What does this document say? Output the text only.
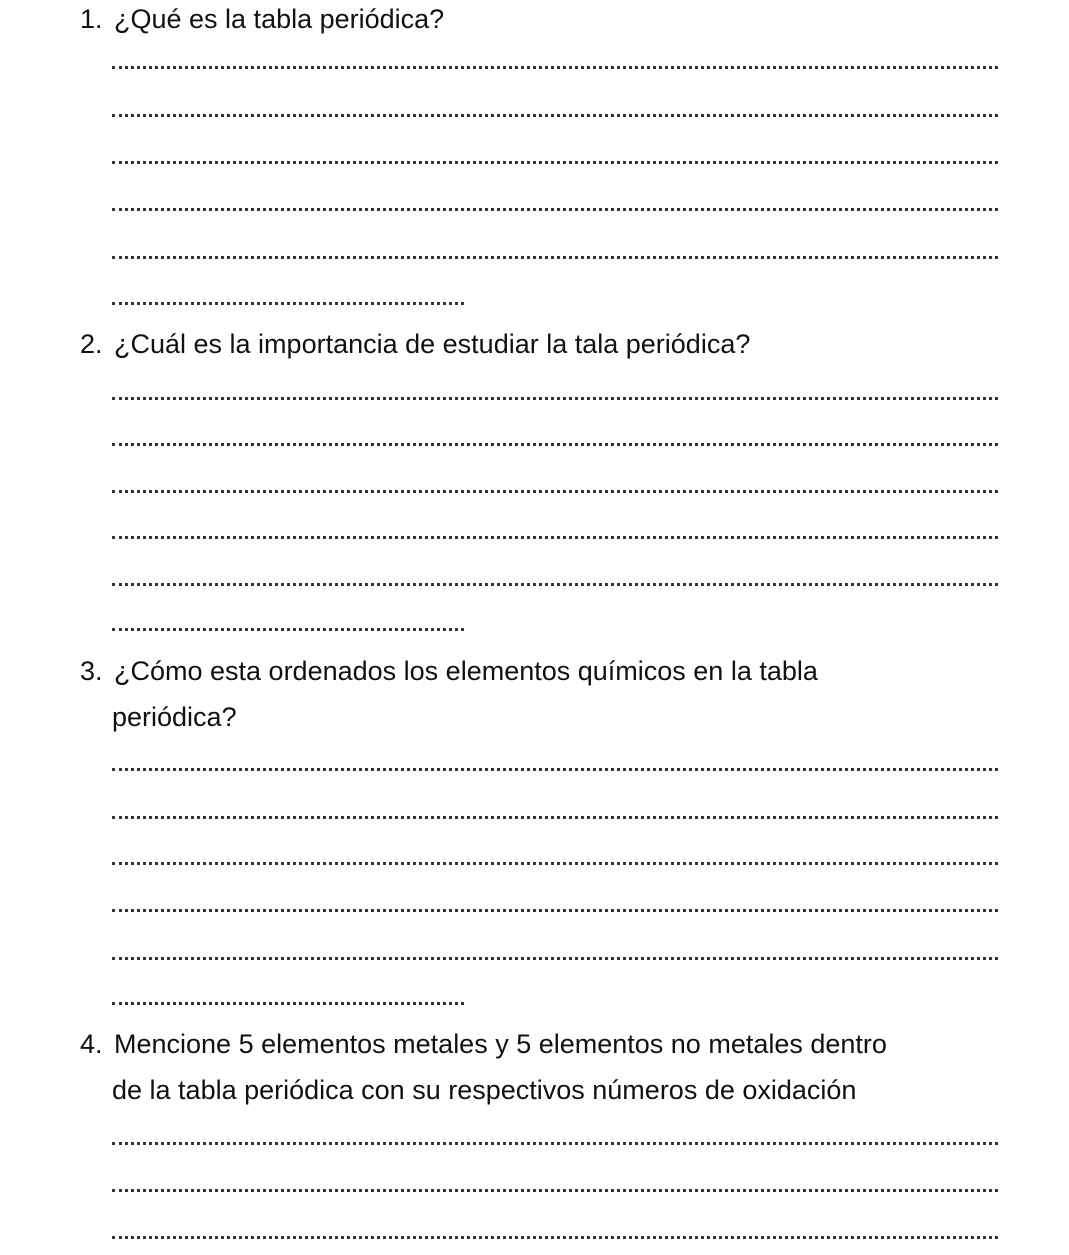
1. ¿Qué es la tabla periódica?
2. ¿Cuál es la importancia de estudiar la tala periódica?
3. ¿Cómo esta ordenados los elementos químicos en la tabla
periódica?
4. Mencione 5 elementos metales y 5 elementos no metales dentro
de la tabla periódica con su respectivos números de oxidación
